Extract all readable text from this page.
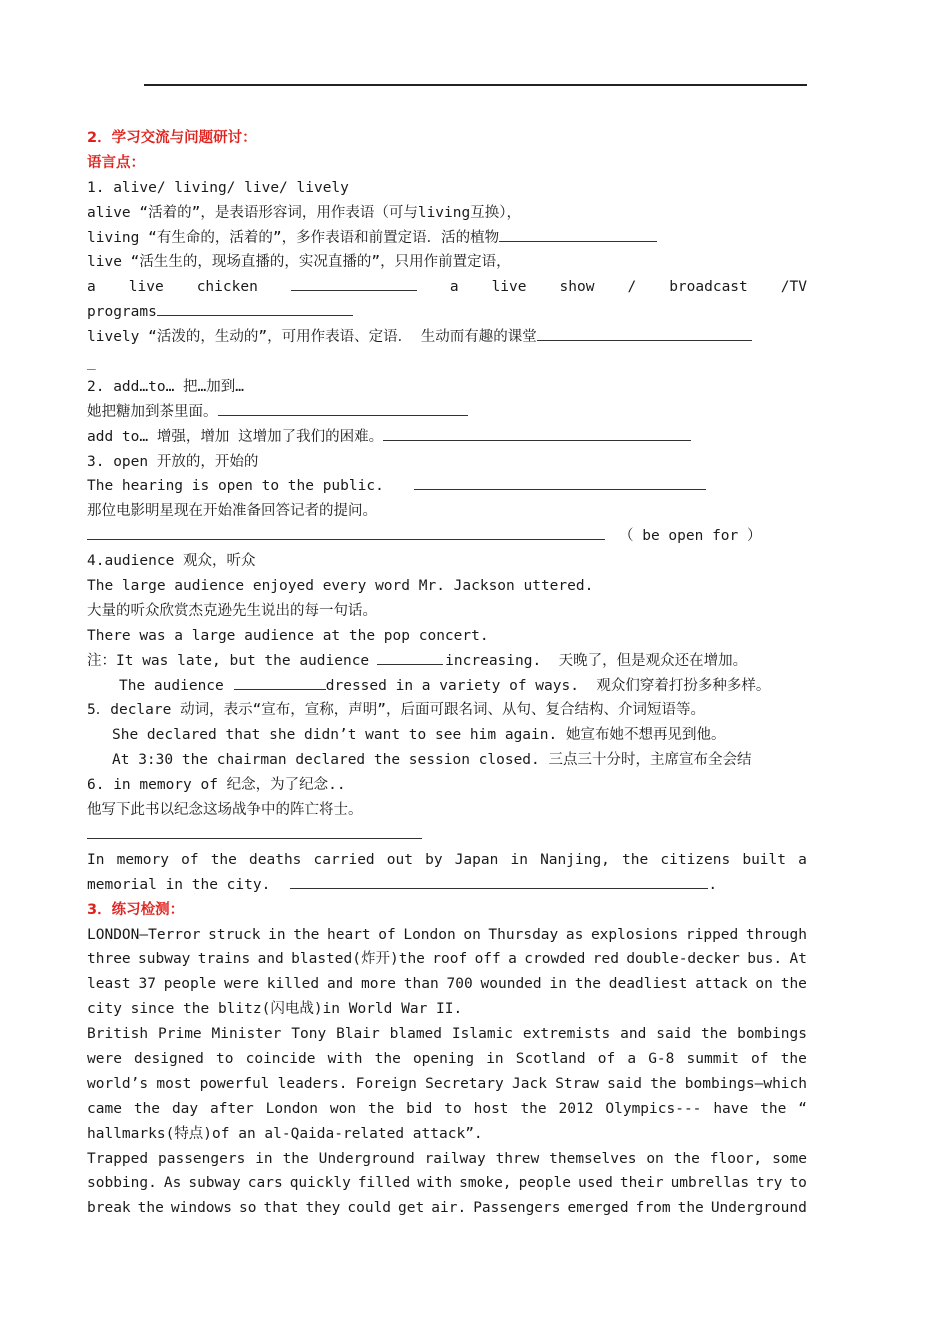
2．学习交流与问题研讨：
语言点：
1. alive/ living/ live/ lively
alive “活着的”，是表语形容词，用作表语（可与living互换），
living “有生命的，活着的”，多作表语和前置定语．活的植物
live “活生生的，现场直播的，实况直播的”，只用作前置定语，
a live chicken	a live show / broadcast /TV
programs
lively “活泼的，生动的”，可用作表语、定语． 生动而有趣的课堂
_
2. add…to… 把…加到…
她把糖加到茶里面。
add to… 增强，增加 这增加了我们的困难。
3. open 开放的，开始的
The hearing is open to the public.
那位电影明星现在开始准备回答记者的提问。
（ be open for ）
4.audience 观众，听众
The large audience enjoyed every word Mr. Jackson uttered.
大量的听众欣赏杰克逊先生说出的每一句话。
There was a large audience at the pop concert.
注：It was late, but the audience	increasing.  天晚了，但是观众还在增加。
The audience	dressed in a variety of ways.  观众们穿着打扮多种多样。
5．declare 动词，表示“宣布，宣称，声明”，后面可跟名词、从句、复合结构、介词短语等。
She declared that she didn’t want to see him again. 她宣布她不想再见到他。
At 3:30 the chairman declared the session closed. 三点三十分时，主席宣布全会结
6. in memory of 纪念，为了纪念..
他写下此书以纪念这场战争中的阵亡将士。
In memory of the deaths carried out by Japan in Nanjing, the citizens built a
memorial in the city.	.
3．练习检测：
LONDON—Terror struck in the heart of London on Thursday as explosions ripped through
three subway trains and blasted(炸开)the roof off a crowded red double-decker bus. At
least 37 people were killed and more than 700 wounded in the deadliest attack on the
city since the blitz(闪电战)in World War II.
British Prime Minister Tony Blair blamed Islamic extremists and said the bombings
were designed to coincide with the opening in Scotland of a G-8 summit of the
world’s most powerful leaders. Foreign Secretary Jack Straw said the bombings—which
came the day after London won the bid to host the 2012 Olympics--- have the “
hallmarks(特点)of an al-Qaida-related attack”.
Trapped passengers in the Underground railway threw themselves on the floor, some
sobbing. As subway cars quickly filled with smoke, people used their umbrellas try to
break the windows so that they could get air. Passengers emerged from the Underground
